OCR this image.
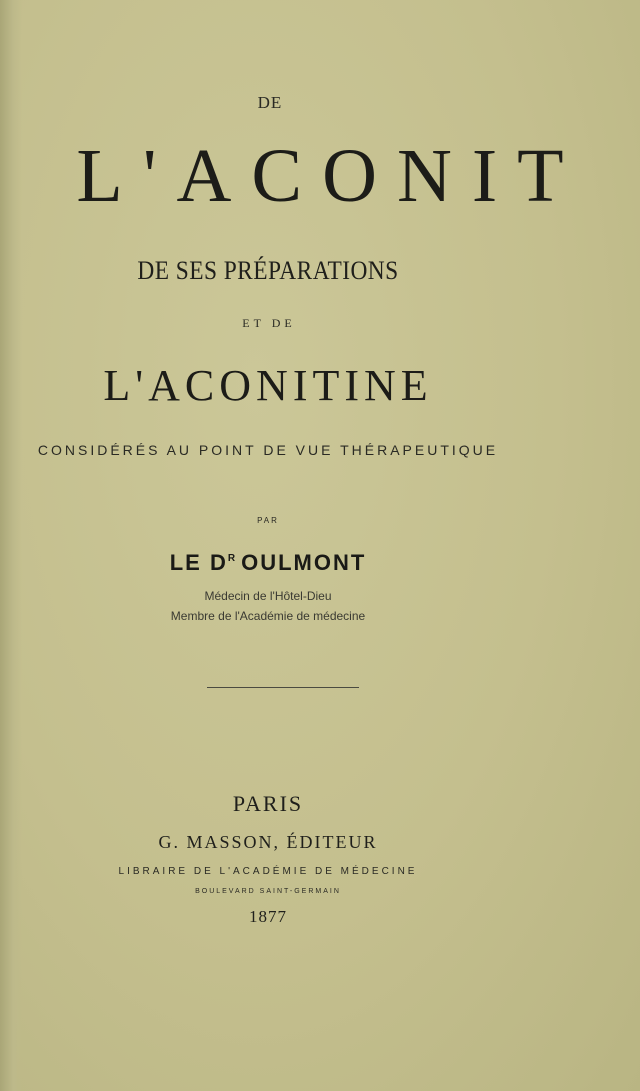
DE
L'ACONIT
DE SES PRÉPARATIONS
ET DE
L'ACONITINE
CONSIDÉRÉS AU POINT DE VUE THÉRAPEUTIQUE
PAR
LE $D^R$ OULMONT
Médecin de l'Hôtel-Dieu
Membre de l'Académie de médecine
PARIS
G. MASSON, ÉDITEUR
LIBRAIRE DE L'ACADÉMIE DE MÉDECINE
BOULEVARD SAINT-GERMAIN
1877
